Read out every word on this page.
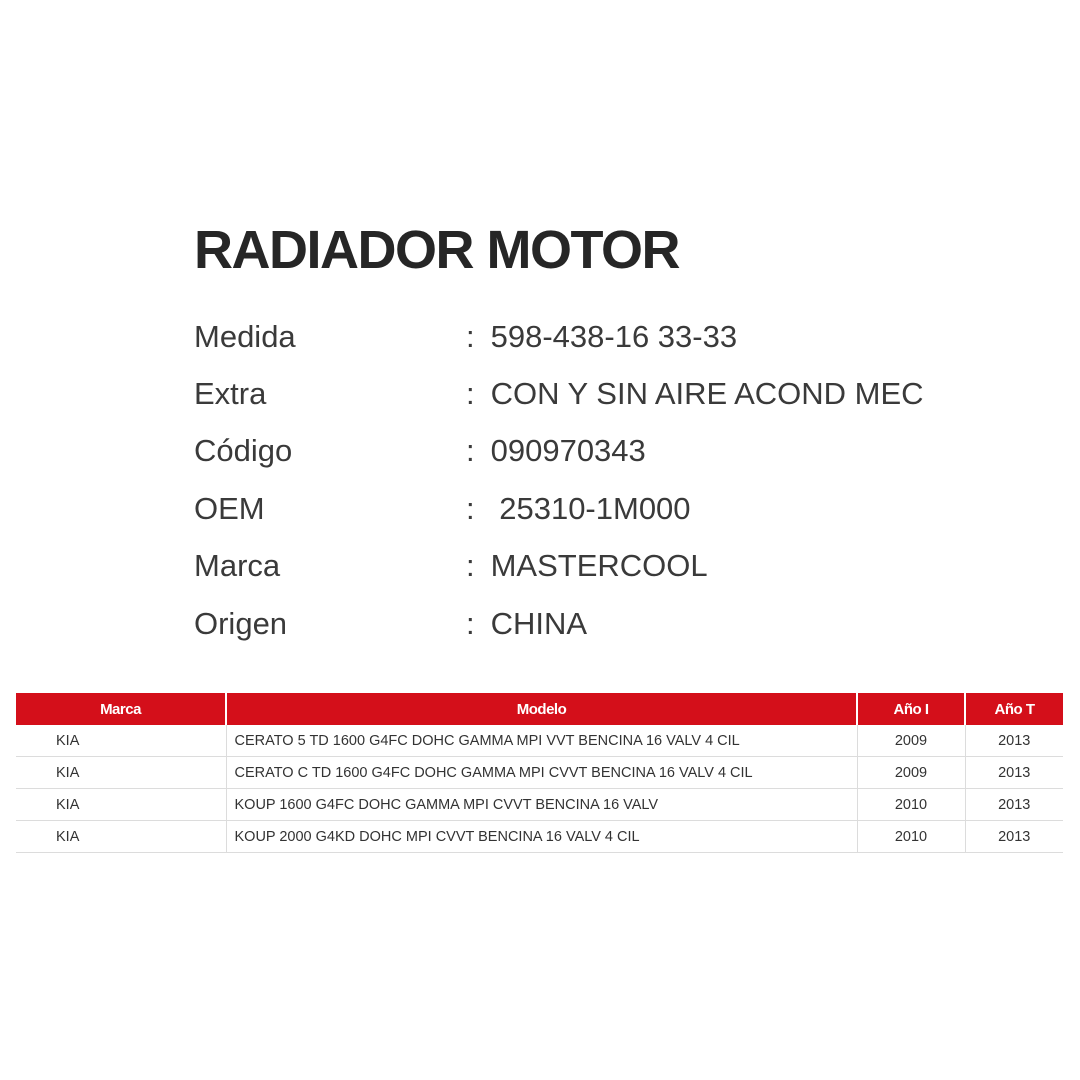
RADIADOR MOTOR
Medida	: 598-438-16 33-33
Extra	: CON Y SIN AIRE ACOND MEC
Código	: 090970343
OEM	: 25310-1M000
Marca	: MASTERCOOL
Origen	: CHINA
Marca	Modelo	Año I	Año T
KIA	CERATO 5 TD 1600 G4FC DOHC GAMMA MPI VVT BENCINA 16 VALV 4 CIL	2009	2013
KIA	CERATO C TD 1600 G4FC DOHC GAMMA MPI CVVT BENCINA 16 VALV 4 CIL	2009	2013
KIA	KOUP 1600 G4FC DOHC GAMMA MPI CVVT BENCINA 16 VALV	2010	2013
KIA	KOUP 2000 G4KD DOHC MPI CVVT BENCINA 16 VALV 4 CIL	2010	2013
